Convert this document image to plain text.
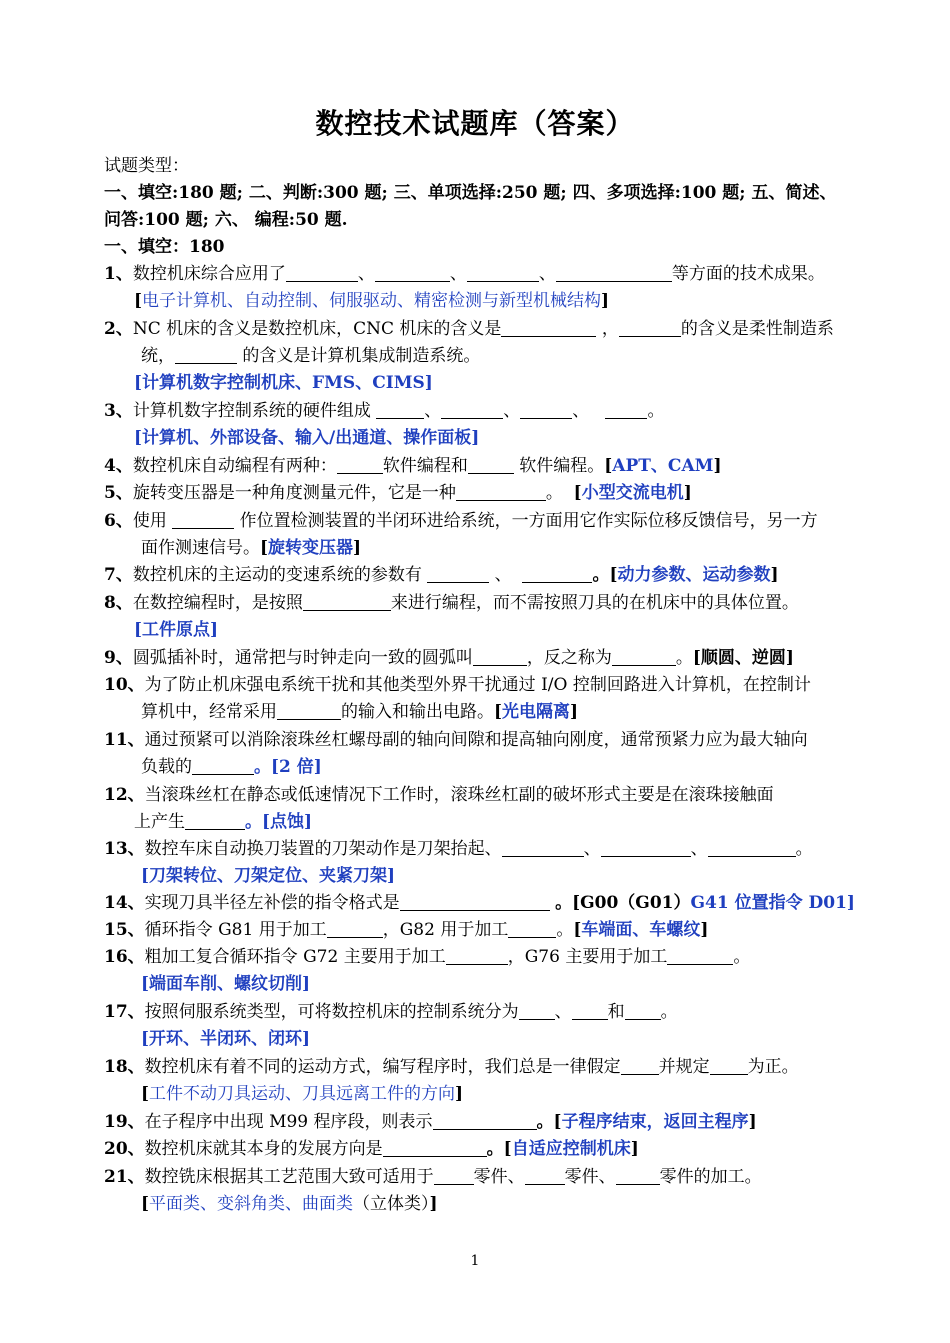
数控技术试题库（答案）
试题类型：
一、填空:180 题; 二、判断:300 题; 三、单项选择:250 题; 四、多项选择:100 题; 五、简述、
问答:100 题; 六、 编程:50 题.
一、填空：180
1、数控机床综合应用了	、	、	、	等方面的技术成果。
[电子计算机、自动控制、伺服驱动、精密检测与新型机械结构]
2、NC 机床的含义是数控机床，CNC 机床的含义是	，	的含义是柔性制造系
统，	的含义是计算机集成制造系统。
[计算机数字控制机床、FMS、CIMS]
3、计算机数字控制系统的硬件组成	、	、	、	。
[计算机、外部设备、输入/出通道、操作面板]
4、数控机床自动编程有两种：	软件编程和	软件编程。[APT、CAM]
5、旋转变压器是一种角度测量元件，它是一种	。 [小型交流电机]
6、使用	作位置检测装置的半闭环进给系统，一方面用它作实际位移反馈信号，另一方
面作测速信号。[旋转变压器]
7、数控机床的主运动的变速系统的参数有	、	。[动力参数、运动参数]
8、在数控编程时，是按照	来进行编程，而不需按照刀具的在机床中的具体位置。
[工件原点]
9、圆弧插补时，通常把与时钟走向一致的圆弧叫	，反之称为	。[顺圆、逆圆]
10、为了防止机床强电系统干扰和其他类型外界干扰通过 I/O 控制回路进入计算机，在控制计
算机中，经常采用	的输入和输出电路。[光电隔离]
11、通过预紧可以消除滚珠丝杠螺母副的轴向间隙和提高轴向刚度，通常预紧力应为最大轴向
负载的	。[2 倍]
12、当滚珠丝杠在静态或低速情况下工作时，滚珠丝杠副的破坏形式主要是在滚珠接触面
上产生	。[点蚀]
13、数控车床自动换刀装置的刀架动作是刀架抬起、	、	、	。
[刀架转位、刀架定位、夹紧刀架]
14、实现刀具半径左补偿的指令格式是	。[G00（G01）G41 位置指令 D01]
15、循环指令 G81 用于加工	，G82 用于加工	。[车端面、车螺纹]
16、粗加工复合循环指令 G72 主要用于加工	，G76 主要用于加工	。
[端面车削、螺纹切削]
17、按照伺服系统类型，可将数控机床的控制系统分为 、 和 。
[开环、半闭环、闭环]
18、数控机床有着不同的运动方式，编写程序时，我们总是一律假定 并规定 为正。
[工件不动刀具运动、刀具远离工件的方向]
19、在子程序中出现 M99 程序段，则表示	。[子程序结束，返回主程序]
20、数控机床就其本身的发展方向是	。[自适应控制机床]
21、数控铣床根据其工艺范围大致可适用于 零件、 零件、	零件的加工。
[平面类、变斜角类、曲面类（立体类）]
1
